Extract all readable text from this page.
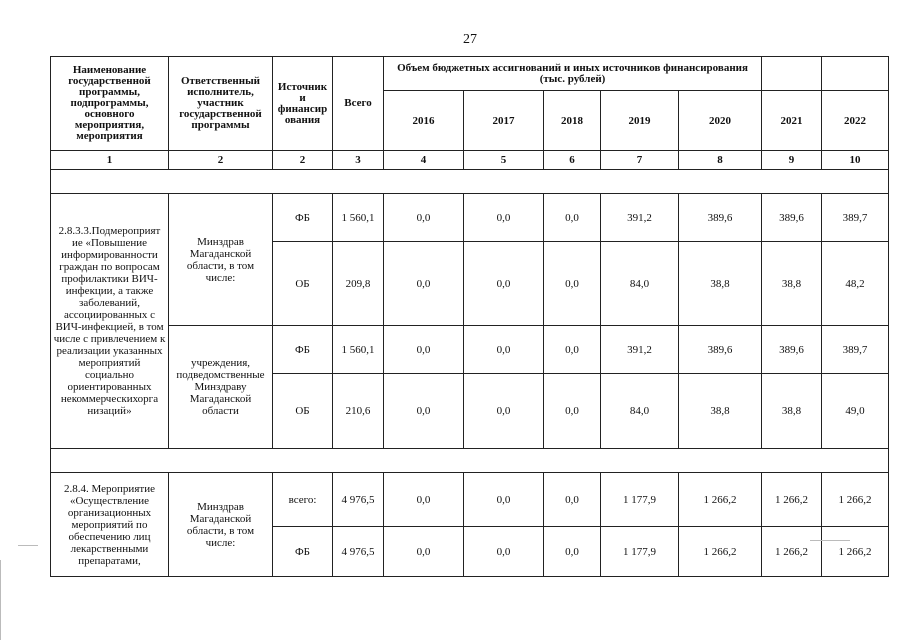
27
Наименование государственной программы, подпрограммы, основного мероприятия, мероприятия	Ответственный исполнитель, участник государственной программы	Источник и финансир ования	Всего	Объем бюджетных ассигнований и иных источников финансирования (тыс. рублей)						
				2016	2017	2018	2019	2020	2021	2022
1	2	2	3	4	5	6	7	8	9	10

2.8.3.3.Подмероприят ие «Повышение информированности граждан по вопросам профилактики ВИЧ-инфекции, а также заболеваний, ассоциированных с ВИЧ-инфекцией, в том числе с привлечением к реализации указанных мероприятий социально ориентированных некоммерческихорга низаций»	Минздрав Магаданской области, в том числе:	ФБ	1 560,1	0,0	0,0	0,0	391,2	389,6	389,6	389,7
		ОБ	209,8	0,0	0,0	0,0	84,0	38,8	38,8	48,2
	учреждения, подведомственные Минздраву Магаданской области	ФБ	1 560,1	0,0	0,0	0,0	391,2	389,6	389,6	389,7
		ОБ	210,6	0,0	0,0	0,0	84,0	38,8	38,8	49,0

2.8.4. Мероприятие «Осуществление организационных мероприятий по обеспечению лиц лекарственными препаратами,	Минздрав Магаданской области, в том числе:	всего:	4 976,5	0,0	0,0	0,0	1 177,9	1 266,2	1 266,2	1 266,2
		ФБ	4 976,5	0,0	0,0	0,0	1 177,9	1 266,2	1 266,2	1 266,2
